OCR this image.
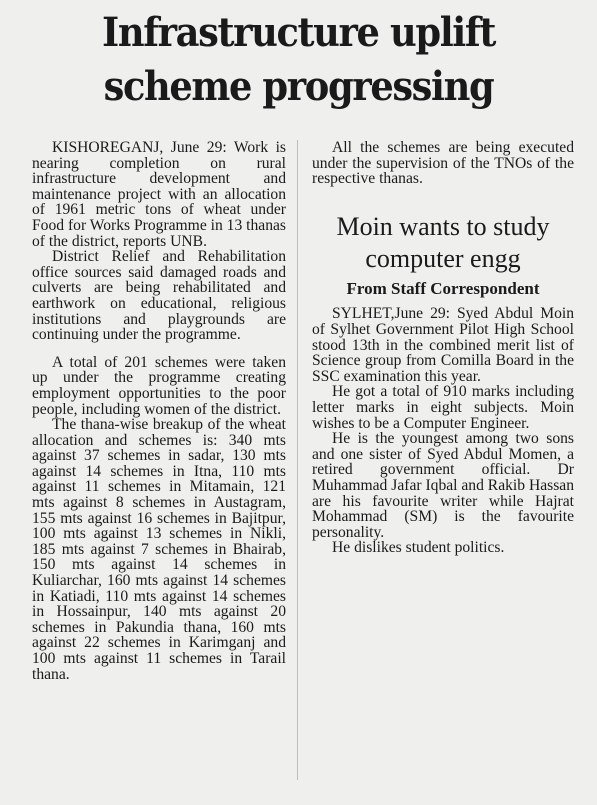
Infrastructure uplift
scheme progressing

KISHOREGANJ, June 29: Work is nearing completion on rural infrastructure development and maintenance project with an allocation of 1961 metric tons of wheat under Food for Works Programme in 13 thanas of the district, reports UNB.

District Relief and Rehabilitation office sources said damaged roads and culverts are being rehabilitated and earthwork on educational, religious institutions and playgrounds are continuing under the programme.

A total of 201 schemes were taken up under the programme creating employment opportunities to the poor people, including women of the district.

The thana-wise breakup of the wheat allocation and schemes is: 340 mts against 37 schemes in sadar, 130 mts against 14 schemes in Itna, 110 mts against 11 schemes in Mitamain, 121 mts against 8 schemes in Austagram, 155 mts against 16 schemes in Bajitpur, 100 mts against 13 schemes in Nikli, 185 mts against 7 schemes in Bhairab, 150 mts against 14 schemes in Kuliarchar, 160 mts against 14 schemes in Katiadi, 110 mts against 14 schemes in Hossainpur, 140 mts against 20 schemes in Pakundia thana, 160 mts against 22 schemes in Karimganj and 100 mts against 11 schemes in Tarail thana.

All the schemes are being executed under the supervision of the TNOs of the respective thanas.

Moin wants to study
computer engg
From Staff Correspondent

SYLHET,June 29: Syed Abdul Moin of Sylhet Government Pilot High School stood 13th in the combined merit list of Science group from Comilla Board in the SSC examination this year.

He got a total of 910 marks including letter marks in eight subjects. Moin wishes to be a Computer Engineer.

He is the youngest among two sons and one sister of Syed Abdul Momen, a retired government official. Dr Muhammad Jafar Iqbal and Rakib Hassan are his favourite writer while Hajrat Mohammad (SM) is the favourite personality.

He dislikes student politics.
